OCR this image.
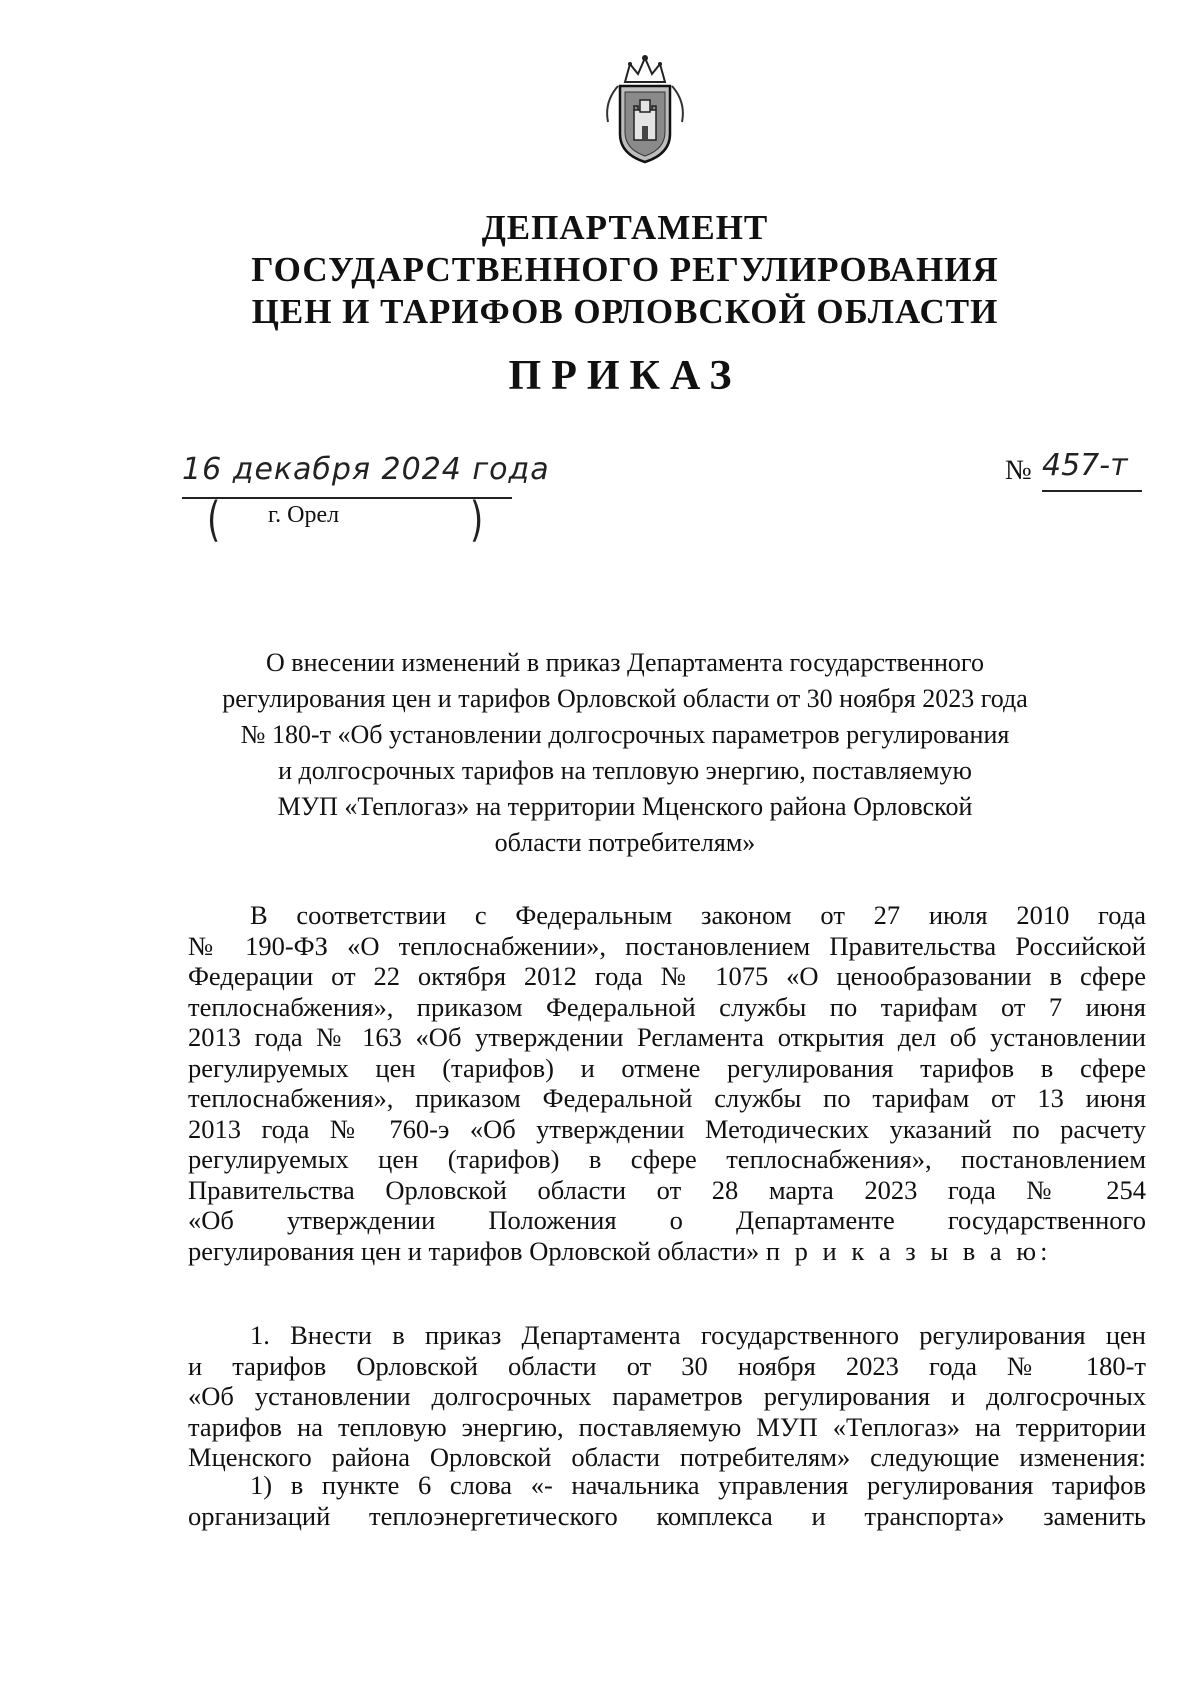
ДЕПАРТАМЕНТ
ГОСУДАРСТВЕННОГО РЕГУЛИРОВАНИЯ
ЦЕН И ТАРИФОВ ОРЛОВСКОЙ ОБЛАСТИ
ПРИКАЗ
16 декабря 2024 года	№ 457-т
( г. Орел	)
О внесении изменений в приказ Департамента государственного
регулирования цен и тарифов Орловской области от 30 ноября 2023 года
№ 180-т «Об установлении долгосрочных параметров регулирования
и долгосрочных тарифов на тепловую энергию, поставляемую
МУП «Теплогаз» на территории Мценского района Орловской
области потребителям»
В соответствии с Федеральным законом от 27 июля 2010 года
№ 190-ФЗ «О теплоснабжении», постановлением Правительства Российской
Федерации от 22 октября 2012 года № 1075 «О ценообразовании в сфере
теплоснабжения», приказом Федеральной службы по тарифам от 7 июня
2013 года № 163 «Об утверждении Регламента открытия дел об установлении
регулируемых цен (тарифов) и отмене регулирования тарифов в сфере
теплоснабжения», приказом Федеральной службы по тарифам от 13 июня
2013 года № 760-э «Об утверждении Методических указаний по расчету
регулируемых цен (тарифов) в сфере теплоснабжения», постановлением
Правительства Орловской области от 28 марта 2023 года № 254
«Об утверждении Положения о Департаменте государственного
регулирования цен и тарифов Орловской области» п р и к а з ы в а ю:
1. Внести в приказ Департамента государственного регулирования цен
и тарифов Орловской области от 30 ноября 2023 года № 180-т
«Об установлении долгосрочных параметров регулирования и долгосрочных
тарифов на тепловую энергию, поставляемую МУП «Теплогаз» на территории
Мценского района Орловской области потребителям» следующие изменения:
1) в пункте 6 слова «- начальника управления регулирования тарифов
организаций теплоэнергетического комплекса и транспорта» заменить
